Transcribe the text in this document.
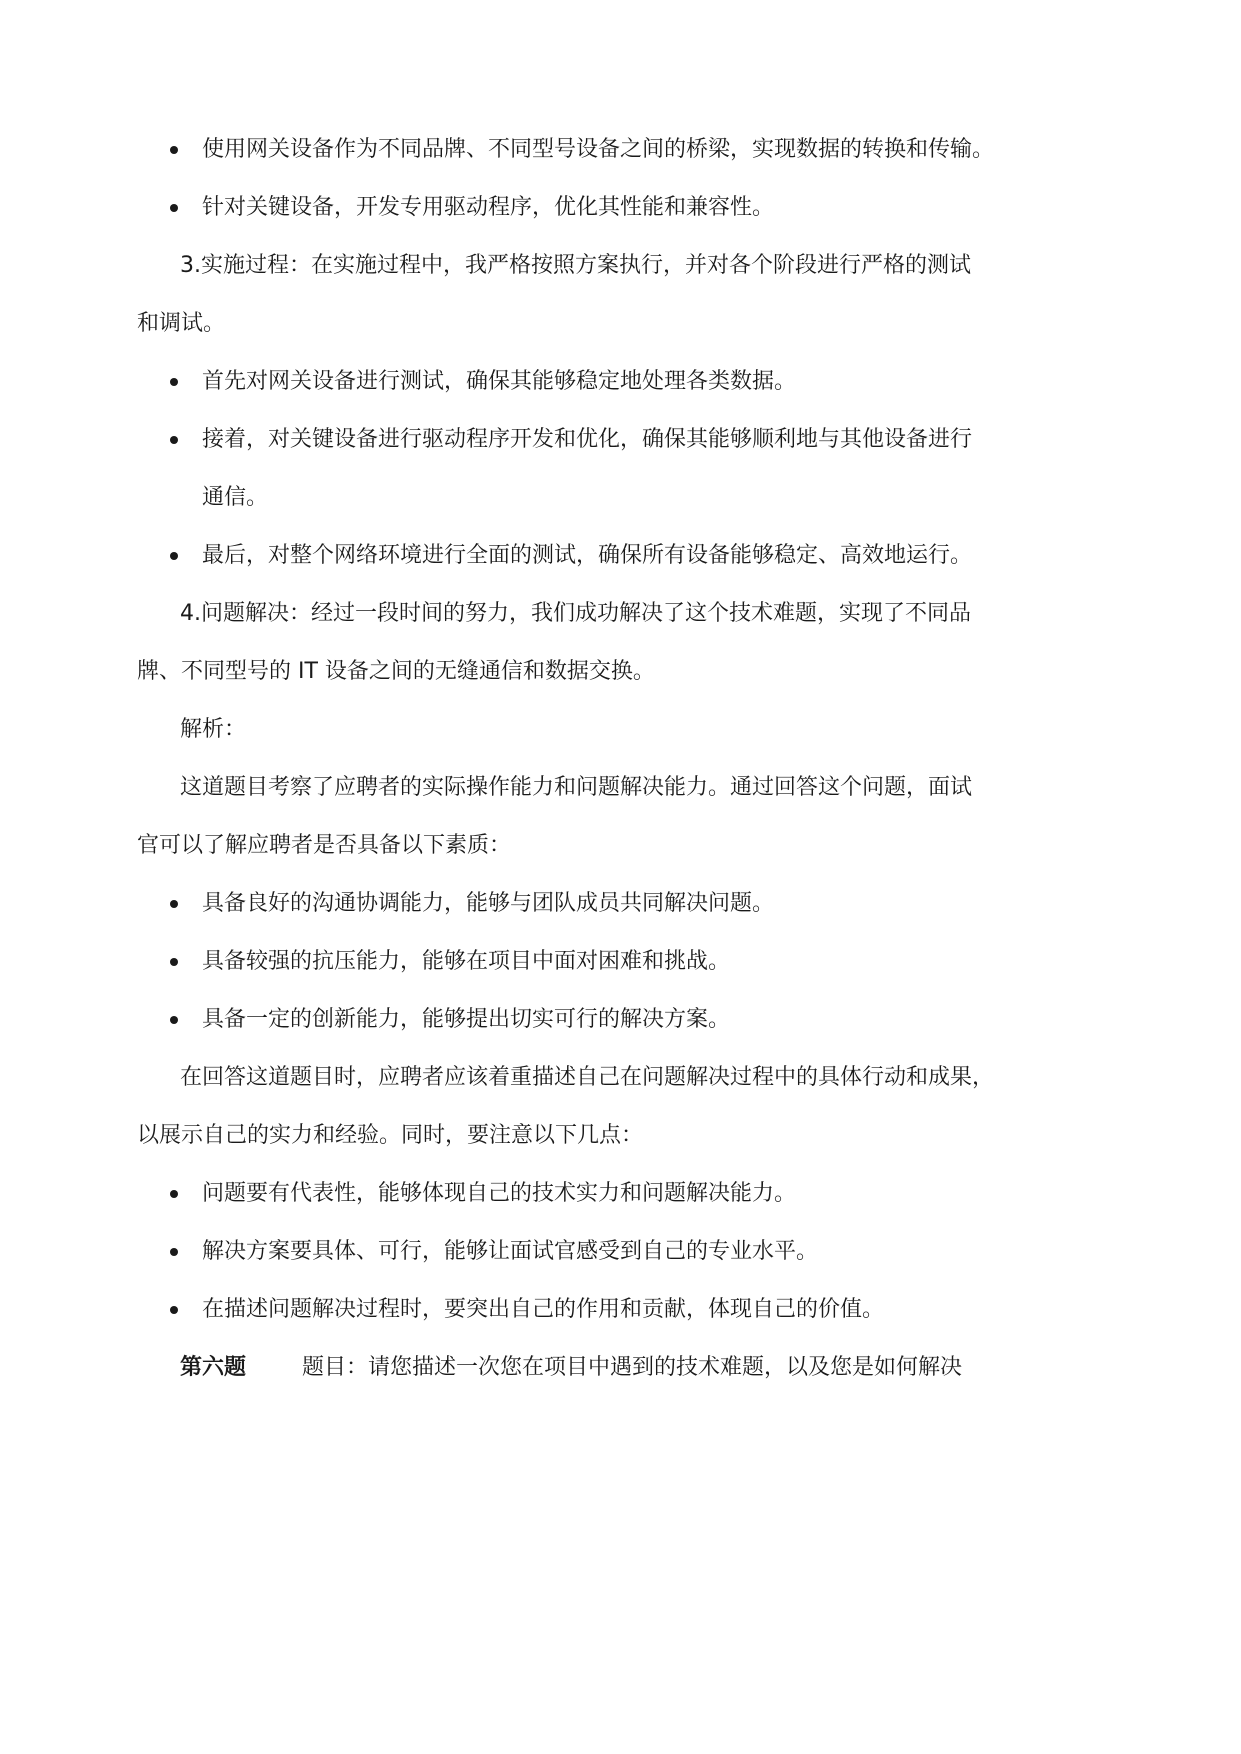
使用网关设备作为不同品牌、不同型号设备之间的桥梁，实现数据的转换和传输。
针对关键设备，开发专用驱动程序，优化其性能和兼容性。
3.实施过程：在实施过程中，我严格按照方案执行，并对各个阶段进行严格的测试
和调试。
首先对网关设备进行测试，确保其能够稳定地处理各类数据。
接着，对关键设备进行驱动程序开发和优化，确保其能够顺利地与其他设备进行
通信。
最后，对整个网络环境进行全面的测试，确保所有设备能够稳定、高效地运行。
4.问题解决：经过一段时间的努力，我们成功解决了这个技术难题，实现了不同品
牌、不同型号的 IT 设备之间的无缝通信和数据交换。
解析：
这道题目考察了应聘者的实际操作能力和问题解决能力。通过回答这个问题，面试
官可以了解应聘者是否具备以下素质：
具备良好的沟通协调能力，能够与团队成员共同解决问题。
具备较强的抗压能力，能够在项目中面对困难和挑战。
具备一定的创新能力，能够提出切实可行的解决方案。
在回答这道题目时，应聘者应该着重描述自己在问题解决过程中的具体行动和成果，
以展示自己的实力和经验。同时，要注意以下几点：
问题要有代表性，能够体现自己的技术实力和问题解决能力。
解决方案要具体、可行，能够让面试官感受到自己的专业水平。
在描述问题解决过程时，要突出自己的作用和贡献，体现自己的价值。
第六题	题目：请您描述一次您在项目中遇到的技术难题，以及您是如何解决
